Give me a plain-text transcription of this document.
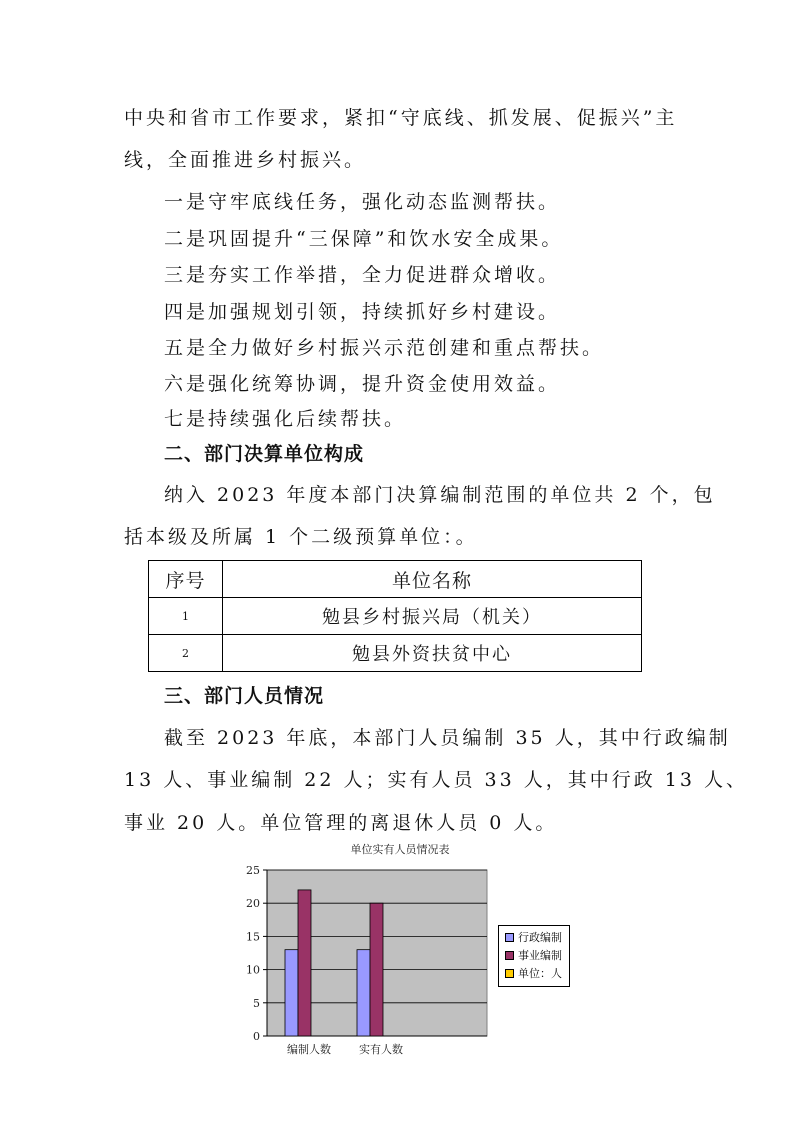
中央和省市工作要求，紧扣“守底线、抓发展、促振兴”主
线，全面推进乡村振兴。
一是守牢底线任务，强化动态监测帮扶。
二是巩固提升“三保障”和饮水安全成果。
三是夯实工作举措，全力促进群众增收。
四是加强规划引领，持续抓好乡村建设。
五是全力做好乡村振兴示范创建和重点帮扶。
六是强化统筹协调，提升资金使用效益。
七是持续强化后续帮扶。
二、部门决算单位构成
纳入 2023 年度本部门决算编制范围的单位共 2 个，包
括本级及所属 1 个二级预算单位：。
序号	单位名称
1	勉县乡村振兴局（机关）
2	勉县外资扶贫中心
三、部门人员情况
截至 2023 年底，本部门人员编制 35 人，其中行政编制
13 人、事业编制 22 人；实有人员 33 人，其中行政 13 人、
事业 20 人。单位管理的离退休人员 0 人。
单位实有人员情况表
0
5
10
15
20
25
编制人数	实有人数
行政编制
事业编制
单位：人
